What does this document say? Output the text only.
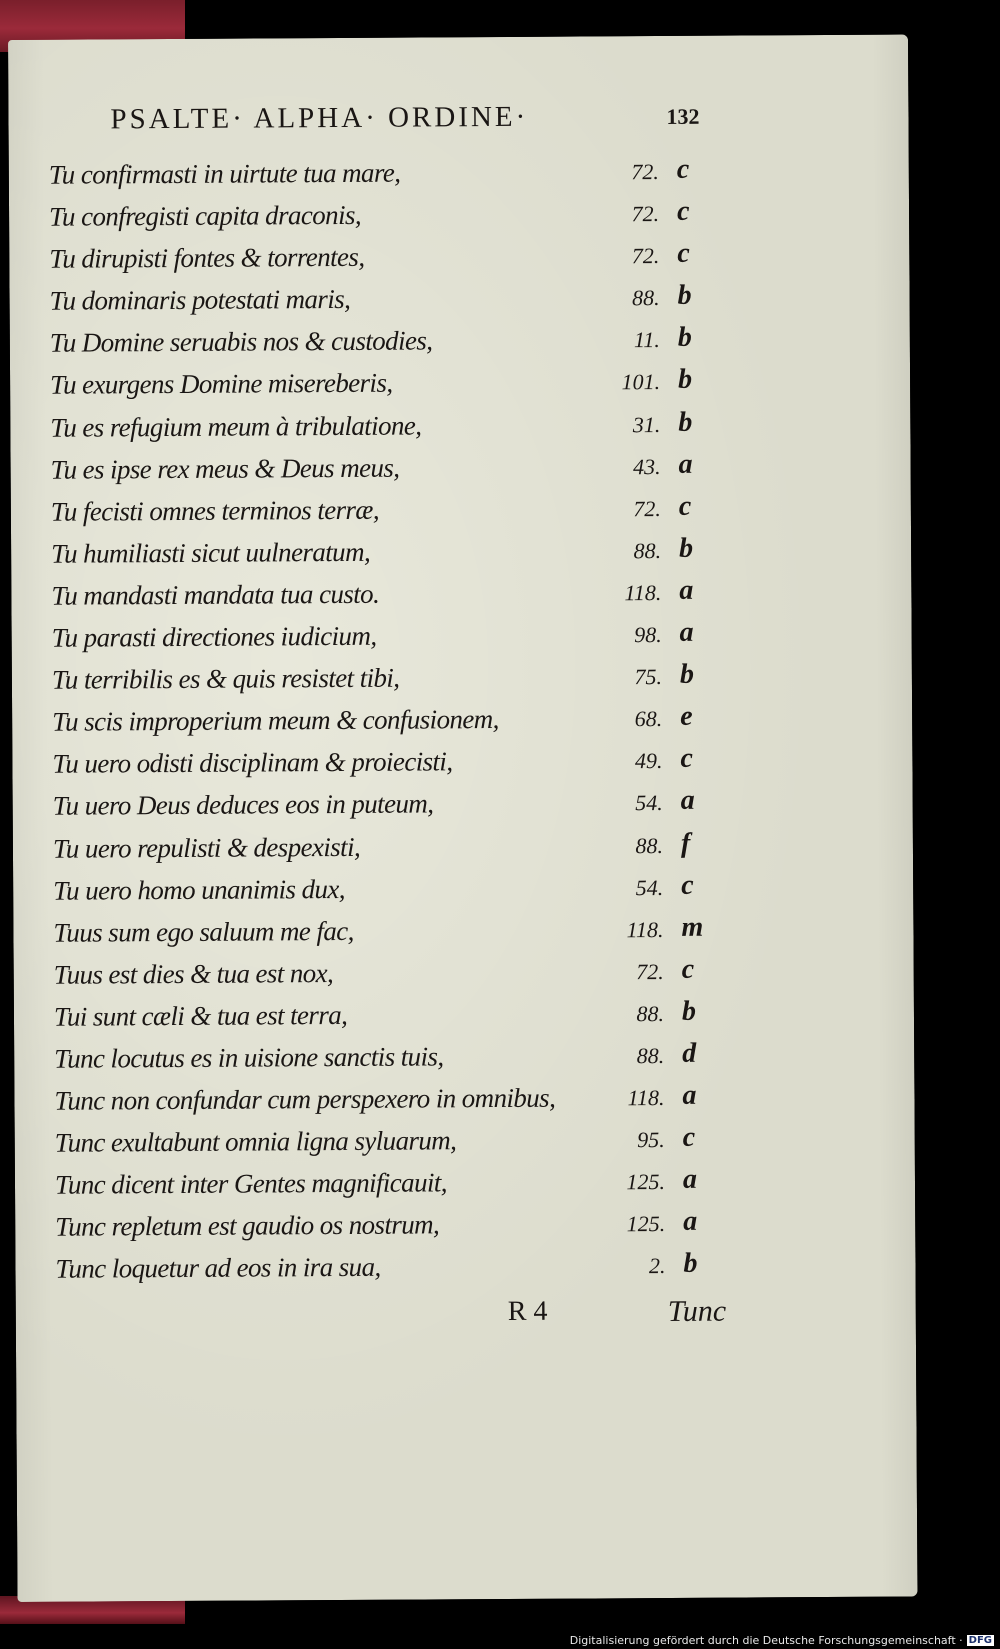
PSALTE· ALPHA· ORDINE·	132
Tu confirmasti in uirtute tua mare,	72. c
Tu confregisti capita draconis,	72. c
Tu dirupisti fontes & torrentes,	72. c
Tu dominaris potestati maris,	88. b
Tu Domine seruabis nos & custodies,	11. b
Tu exurgens Domine misereberis,	101. b
Tu es refugium meum à tribulatione,	31. b
Tu es ipse rex meus & Deus meus,	43. a
Tu fecisti omnes terminos terræ,	72. c
Tu humiliasti sicut uulneratum,	88. b
Tu mandasti mandata tua custo.	118. a
Tu parasti directiones iudicium,	98. a
Tu terribilis es & quis resistet tibi,	75. b
Tu scis improperium meum & confusionem,	68. e
Tu uero odisti disciplinam & proiecisti,	49. c
Tu uero Deus deduces eos in puteum,	54. a
Tu uero repulisti & despexisti,	88. f
Tu uero homo unanimis dux,	54. c
Tuus sum ego saluum me fac,	118. m
Tuus est dies & tua est nox,	72. c
Tui sunt cæli & tua est terra,	88. b
Tunc locutus es in uisione sanctis tuis,	88. d
Tunc non confundar cum perspexero in omnibus,	118. a
Tunc exultabunt omnia ligna syluarum,	95. c
Tunc dicent inter Gentes magnificauit,	125. a
Tunc repletum est gaudio os nostrum,	125. a
Tunc loquetur ad eos in ira sua,	2. b
R 4	Tunc
Digitalisierung gefördert durch die Deutsche Forschungsgemeinschaft · DFG
